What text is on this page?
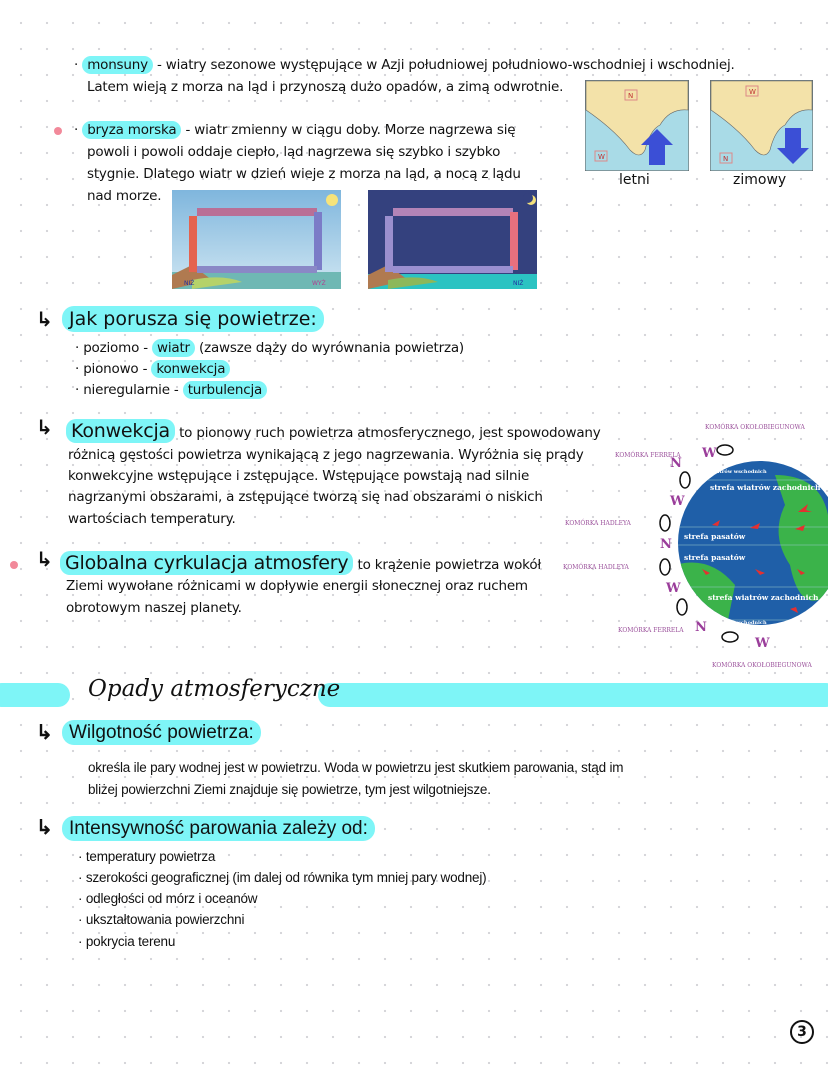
· monsuny - wiatry sezonowe występujące w Azji południowej południowo-wschodniej i wschodniej.
Latem wieją z morza na ląd i przynoszą dużo opadów, a zimą odwrotnie.
· bryza morska - wiatr zmienny w ciągu doby. Morze nagrzewa się
powoli i powoli oddaje ciepło, ląd nagrzewa się szybko i szybko
stygnie. Dlatego wiatr w dzień wieje z morza na ląd, a nocą z lądu
nad morze.
NIŻ	WYŻ	NIŻ
N
W
letni
W
N
zimowy
↳ Jak porusza się powietrze:
· poziomo - wiatr (zawsze dąży do wyrównania powietrza)
· pionowo - konwekcja
· nieregularnie - turbulencja
↳ Konwekcja to pionowy ruch powietrza atmosferycznego, jest spowodowany
różnicą gęstości powietrza wynikającą z jego nagrzewania. Wyróżnia się prądy
konwekcyjne wstępujące i zstępujące. Wstępujące powstają nad silnie
nagrzanymi obszarami, a zstępujące tworzą się nad obszarami o niskich
wartościach temperatury.
↳ Globalna cyrkulacja atmosfery to krążenie powietrza wokół
Ziemi wywołane różnicami w dopływie energii słonecznej oraz ruchem
obrotowym naszej planety.
wiatrów wschodnich
strefa wiatrów zachodnich
strefa pasatów
strefa pasatów
strefa wiatrów zachodnich
wiatrów wschodnich
N
W
W
N
W
N
W
KOMÓRKA OKOŁOBIEGUNOWA
KOMÓRKA FERRELA
KOMÓRKA HADLEYA
KOMÓRKA HADLEYA
KOMÓRKA FERRELA
KOMÓRKA OKOŁOBIEGUNOWA
Opady atmosferyczne
↳ Wilgotność powietrza:
określa ile pary wodnej jest w powietrzu. Woda w powietrzu jest skutkiem parowania, stąd im
bliżej powierzchni Ziemi znajduje się powietrze, tym jest wilgotniejsze.
↳ Intensywność parowania zależy od:
· temperatury powietrza
· szerokości geograficznej (im dalej od równika tym mniej pary wodnej)
· odległości od mórz i oceanów
· ukształtowania powierzchni
· pokrycia terenu
3
